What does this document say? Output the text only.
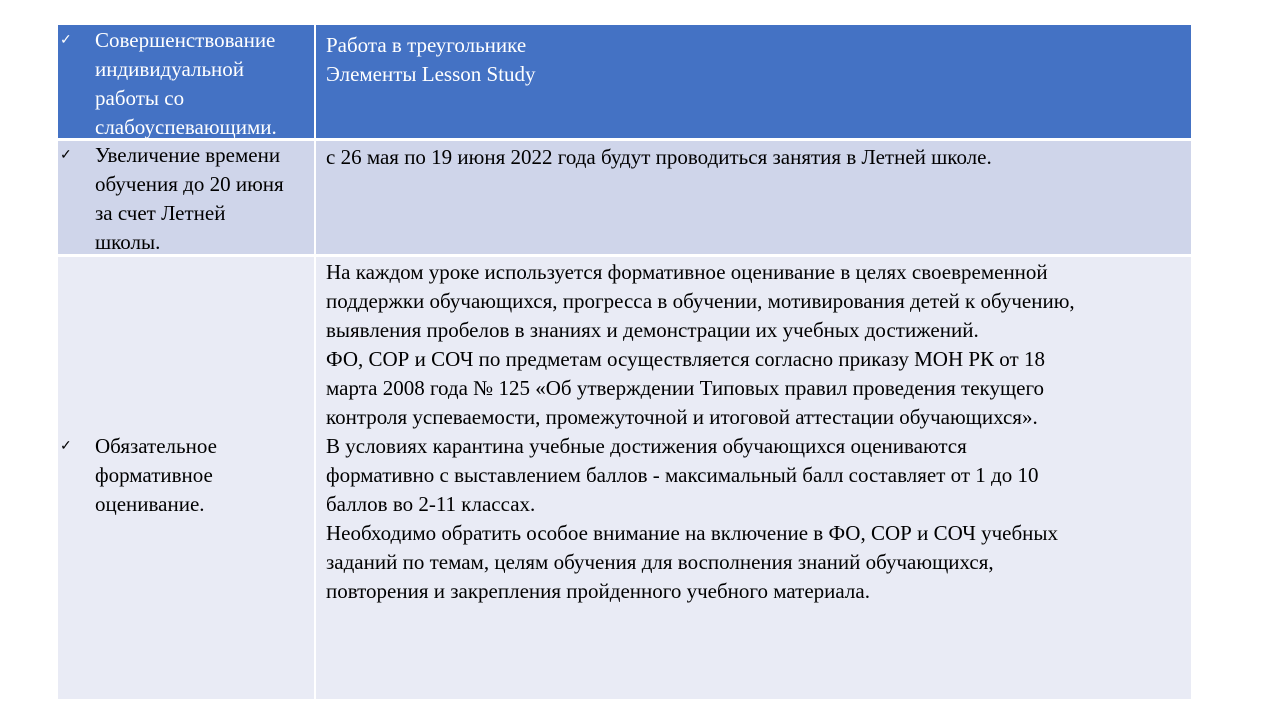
✓ Совершенствование
индивидуальной
работы со
слабоуспевающими.
Работа в треугольнике
Элементы Lesson Study
✓ Увеличение времени
обучения до 20 июня
за счет Летней
школы.
с 26 мая по 19 июня 2022 года будут проводиться занятия в Летней школе.
✓ Обязательное
формативное
оценивание.
На каждом уроке используется формативное оценивание в целях своевременной
поддержки обучающихся, прогресса в обучении, мотивирования детей к обучению,
выявления пробелов в знаниях и демонстрации их учебных достижений.
ФО, СОР и СОЧ по предметам осуществляется согласно приказу МОН РК от 18
марта 2008 года № 125 «Об утверждении Типовых правил проведения текущего
контроля успеваемости, промежуточной и итоговой аттестации обучающихся».
В условиях карантина учебные достижения обучающихся оцениваются
формативно с выставлением баллов - максимальный балл составляет от 1 до 10
баллов во 2-11 классах.
Необходимо обратить особое внимание на включение в ФО, СОР и СОЧ учебных
заданий по темам, целям обучения для восполнения знаний обучающихся,
повторения и закрепления пройденного учебного материала.
